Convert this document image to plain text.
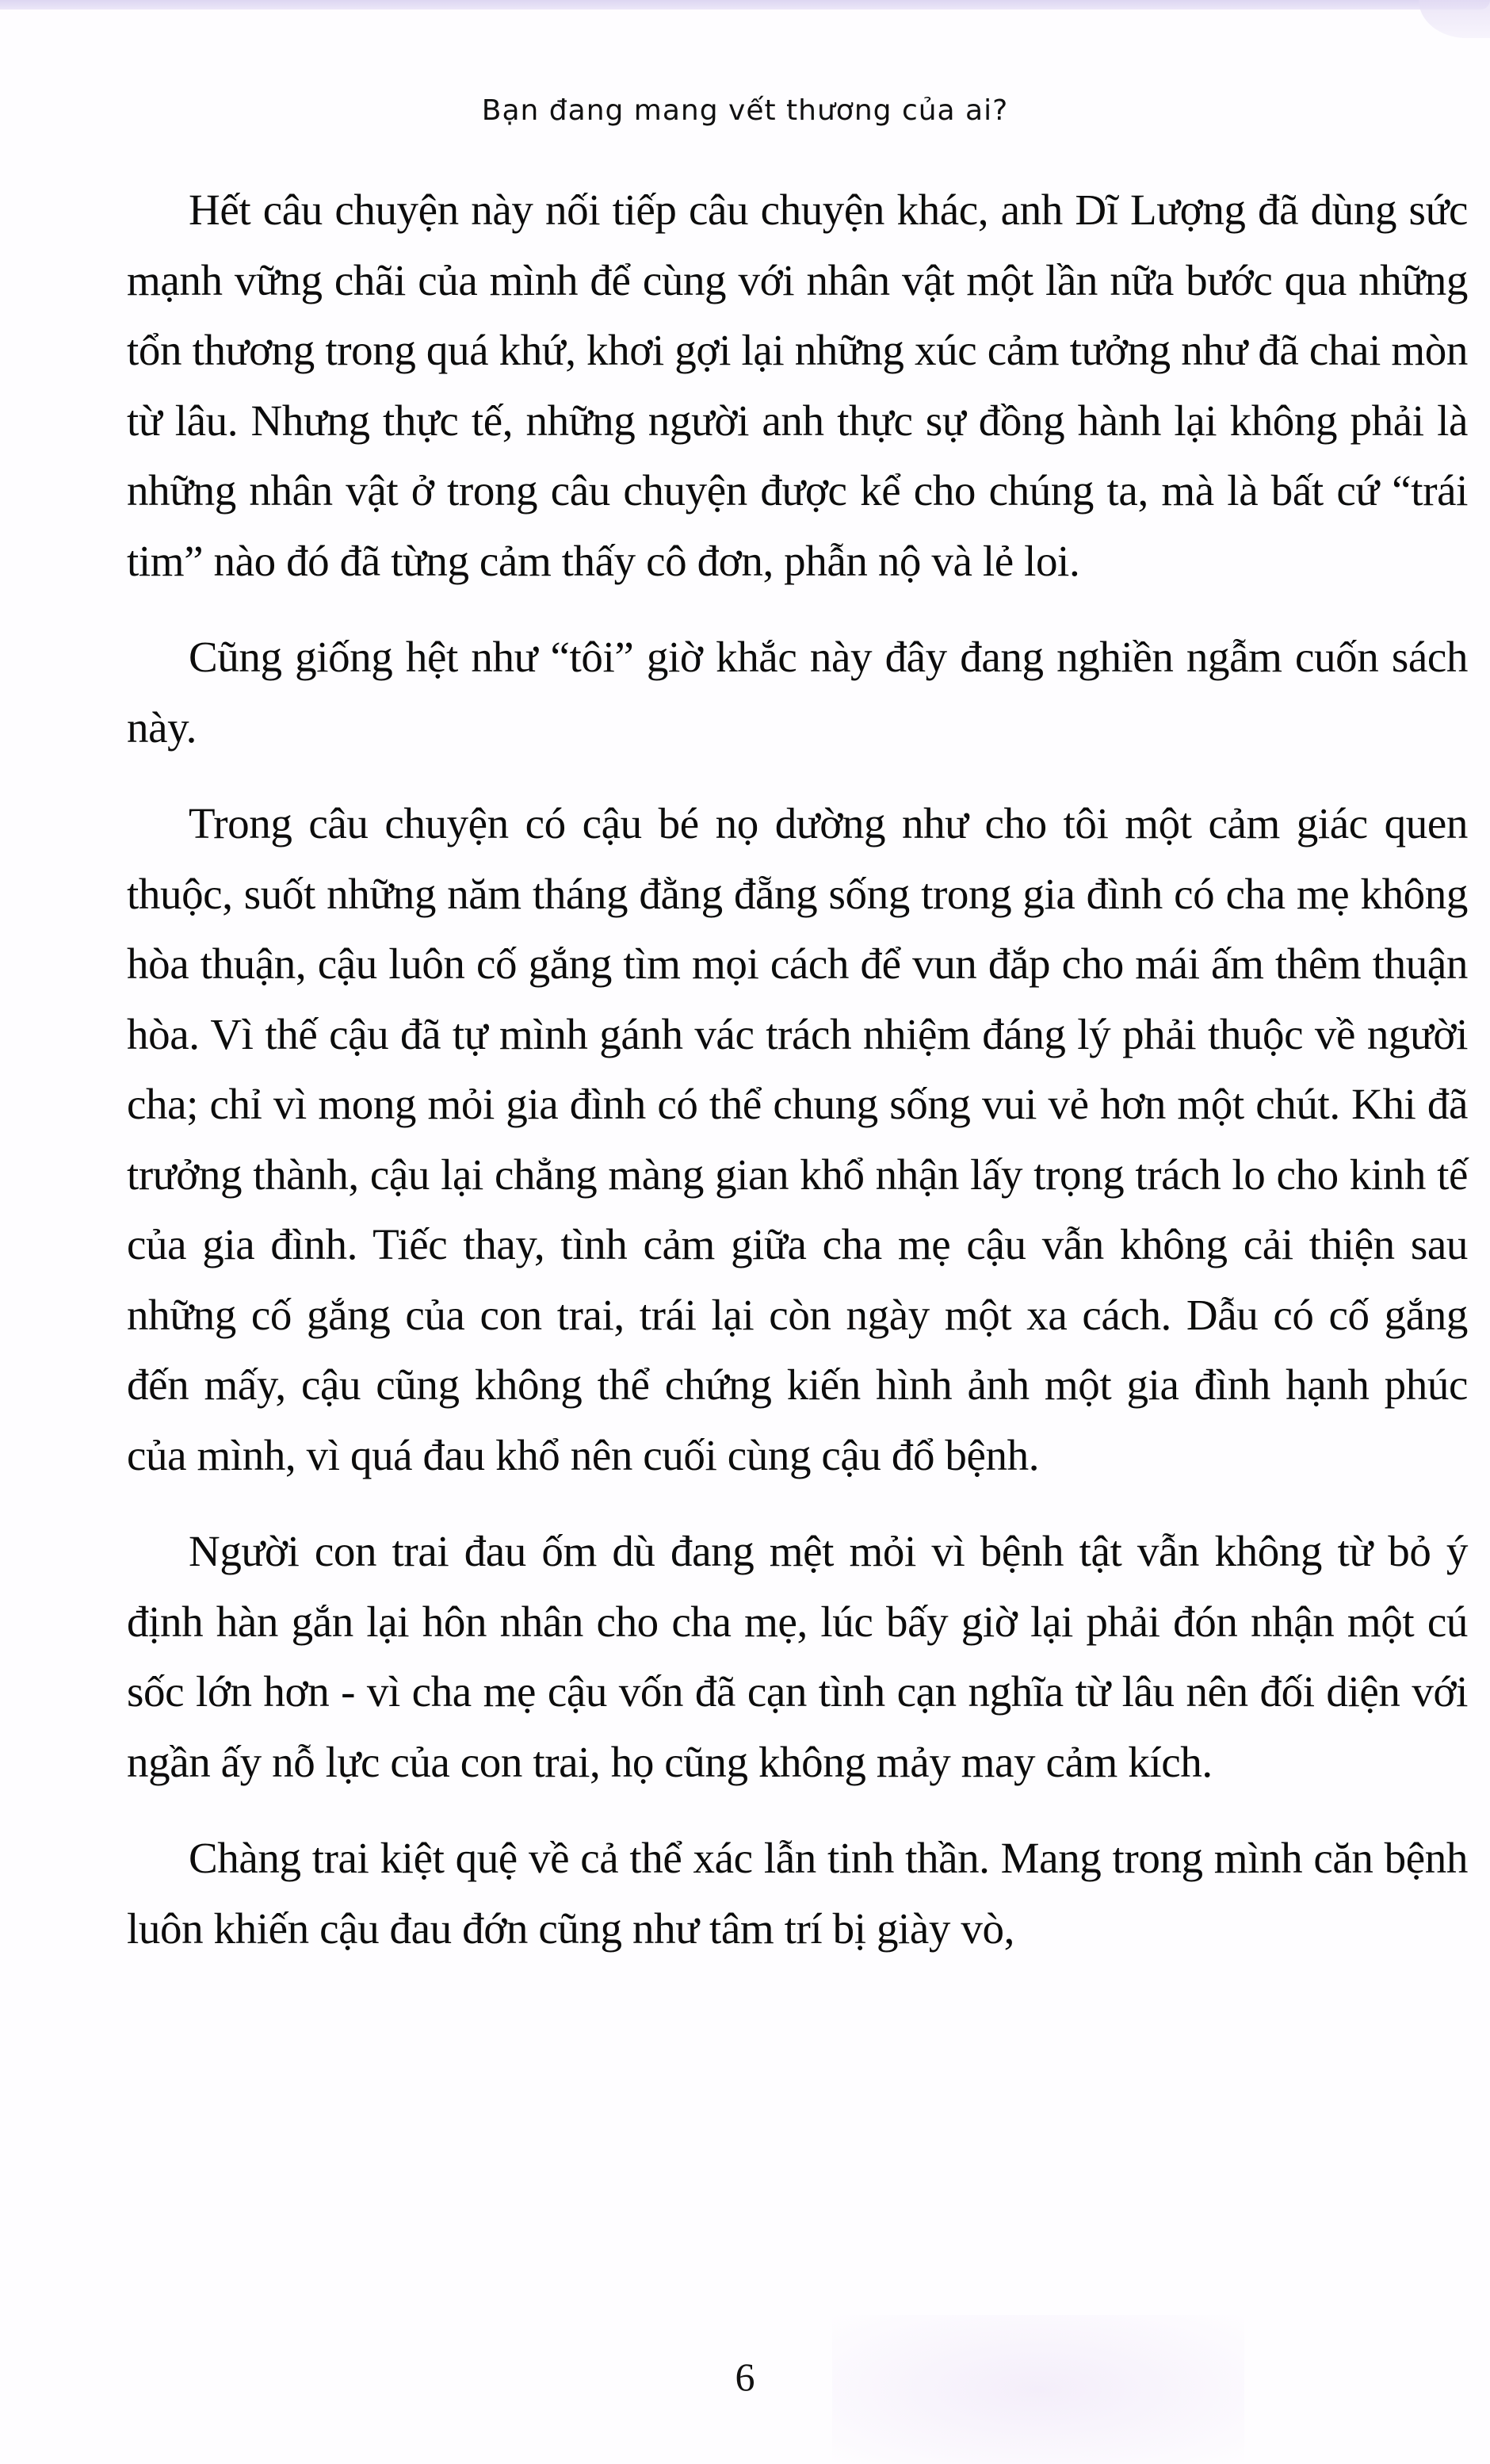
Bạn đang mang vết thương của ai?

Hết câu chuyện này nối tiếp câu chuyện khác, anh Dĩ Lượng đã dùng sức mạnh vững chãi của mình để cùng với nhân vật một lần nữa bước qua những tổn thương trong quá khứ, khơi gợi lại những xúc cảm tưởng như đã chai mòn từ lâu. Nhưng thực tế, những người anh thực sự đồng hành lại không phải là những nhân vật ở trong câu chuyện được kể cho chúng ta, mà là bất cứ “trái tim” nào đó đã từng cảm thấy cô đơn, phẫn nộ và lẻ loi.

Cũng giống hệt như “tôi” giờ khắc này đây đang nghiền ngẫm cuốn sách này.

Trong câu chuyện có cậu bé nọ dường như cho tôi một cảm giác quen thuộc, suốt những năm tháng đằng đẵng sống trong gia đình có cha mẹ không hòa thuận, cậu luôn cố gắng tìm mọi cách để vun đắp cho mái ấm thêm thuận hòa. Vì thế cậu đã tự mình gánh vác trách nhiệm đáng lý phải thuộc về người cha; chỉ vì mong mỏi gia đình có thể chung sống vui vẻ hơn một chút. Khi đã trưởng thành, cậu lại chẳng màng gian khổ nhận lấy trọng trách lo cho kinh tế của gia đình. Tiếc thay, tình cảm giữa cha mẹ cậu vẫn không cải thiện sau những cố gắng của con trai, trái lại còn ngày một xa cách. Dẫu có cố gắng đến mấy, cậu cũng không thể chứng kiến hình ảnh một gia đình hạnh phúc của mình, vì quá đau khổ nên cuối cùng cậu đổ bệnh.

Người con trai đau ốm dù đang mệt mỏi vì bệnh tật vẫn không từ bỏ ý định hàn gắn lại hôn nhân cho cha mẹ, lúc bấy giờ lại phải đón nhận một cú sốc lớn hơn - vì cha mẹ cậu vốn đã cạn tình cạn nghĩa từ lâu nên đối diện với ngần ấy nỗ lực của con trai, họ cũng không mảy may cảm kích.

Chàng trai kiệt quệ về cả thể xác lẫn tinh thần. Mang trong mình căn bệnh luôn khiến cậu đau đớn cũng như tâm trí bị giày vò,

6
